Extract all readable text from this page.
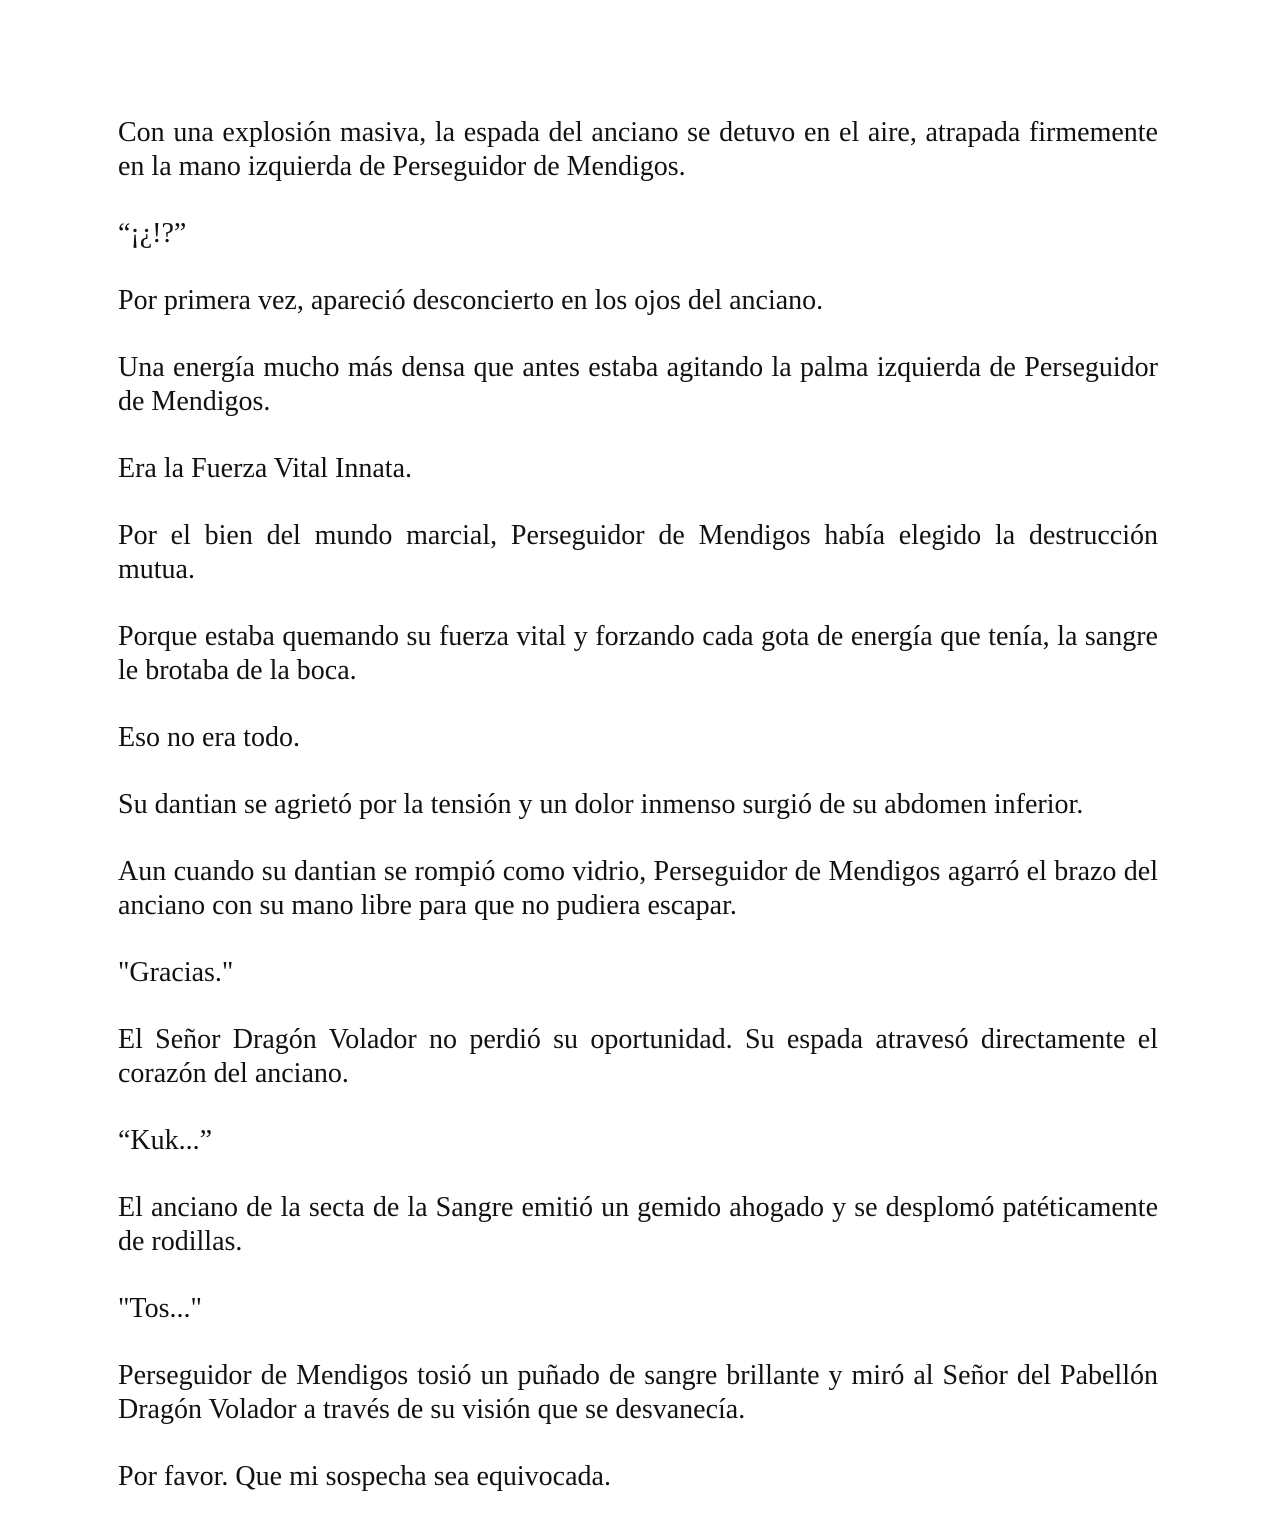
Con una explosión masiva, la espada del anciano se detuvo en el aire, atrapada firmemente en la mano izquierda de Perseguidor de Mendigos.

“¡¿!?”

Por primera vez, apareció desconcierto en los ojos del anciano.

Una energía mucho más densa que antes estaba agitando la palma izquierda de Perseguidor de Mendigos.

Era la Fuerza Vital Innata.

Por el bien del mundo marcial, Perseguidor de Mendigos había elegido la destrucción mutua.

Porque estaba quemando su fuerza vital y forzando cada gota de energía que tenía, la sangre le brotaba de la boca.

Eso no era todo.

Su dantian se agrietó por la tensión y un dolor inmenso surgió de su abdomen inferior.

Aun cuando su dantian se rompió como vidrio, Perseguidor de Mendigos agarró el brazo del anciano con su mano libre para que no pudiera escapar.

"Gracias."

El Señor Dragón Volador no perdió su oportunidad. Su espada atravesó directamente el corazón del anciano.

“Kuk...”

El anciano de la secta de la Sangre emitió un gemido ahogado y se desplomó patéticamente de rodillas.

"Tos..."

Perseguidor de Mendigos tosió un puñado de sangre brillante y miró al Señor del Pabellón Dragón Volador a través de su visión que se desvanecía.

Por favor. Que mi sospecha sea equivocada.
